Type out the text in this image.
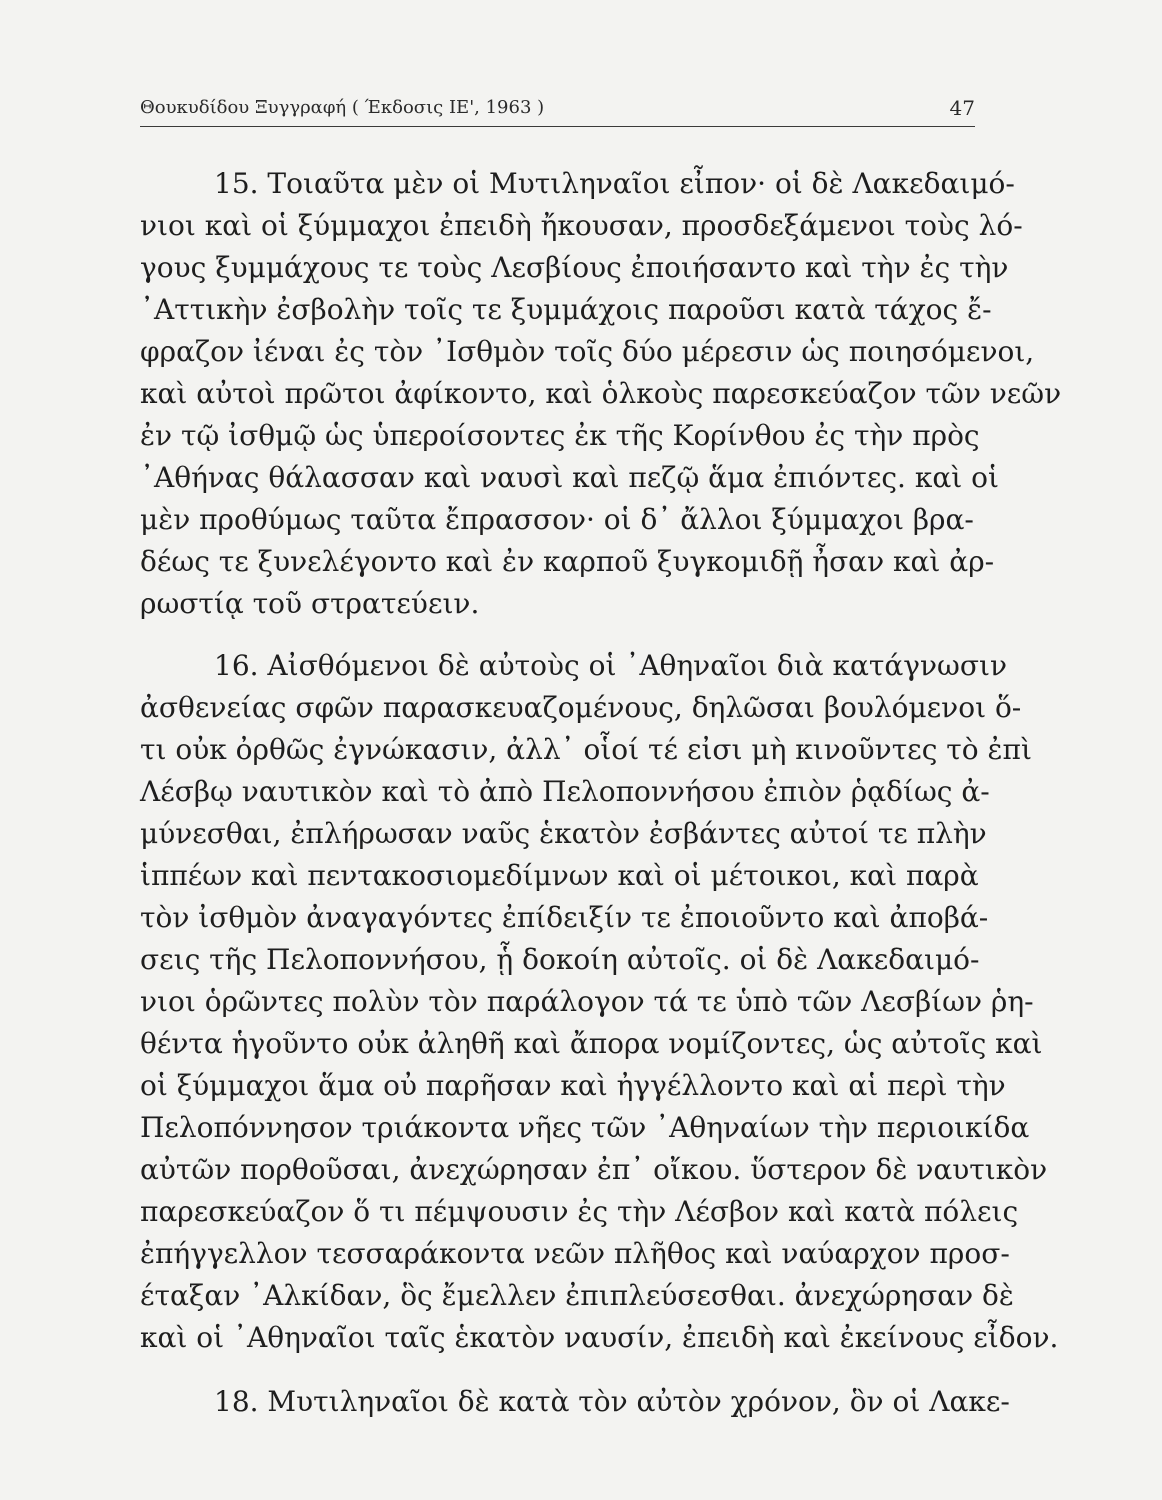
Θουκυδίδου Ξυγγραφή ( Έκδοσις ΙΕ', 1963 )	47
15. Τοιαῦτα μὲν οἱ Μυτιληναῖοι εἶπον· οἱ δὲ Λακεδαιμό-
νιοι καὶ οἱ ξύμμαχοι ἐπειδὴ ἤκουσαν, προσδεξάμενοι τοὺς λό-
γους ξυμμάχους τε τοὺς Λεσβίους ἐποιήσαντο καὶ τὴν ἐς τὴν
᾿Αττικὴν ἐσβολὴν τοῖς τε ξυμμάχοις παροῦσι κατὰ τάχος ἔ-
φραζον ἰέναι ἐς τὸν ᾿Ισθμὸν τοῖς δύο μέρεσιν ὡς ποιησόμενοι,
καὶ αὐτοὶ πρῶτοι ἀφίκοντο, καὶ ὁλκοὺς παρεσκεύαζον τῶν νεῶν
ἐν τῷ ἰσθμῷ ὡς ὑπεροίσοντες ἐκ τῆς Κορίνθου ἐς τὴν πρὸς
᾿Αθήνας θάλασσαν καὶ ναυσὶ καὶ πεζῷ ἅμα ἐπιόντες. καὶ οἱ
μὲν προθύμως ταῦτα ἔπρασσον· οἱ δ᾿ ἄλλοι ξύμμαχοι βρα-
δέως τε ξυνελέγοντο καὶ ἐν καρποῦ ξυγκομιδῇ ἦσαν καὶ ἀρ-
ρωστίᾳ τοῦ στρατεύειν.
16. Αἰσθόμενοι δὲ αὐτοὺς οἱ ᾿Αθηναῖοι διὰ κατάγνωσιν
ἀσθενείας σφῶν παρασκευαζομένους, δηλῶσαι βουλόμενοι ὅ-
τι οὐκ ὀρθῶς ἐγνώκασιν, ἀλλ᾿ οἷοί τέ εἰσι μὴ κινοῦντες τὸ ἐπὶ
Λέσβῳ ναυτικὸν καὶ τὸ ἀπὸ Πελοποννήσου ἐπιὸν ῥᾳδίως ἀ-
μύνεσθαι, ἐπλήρωσαν ναῦς ἑκατὸν ἐσβάντες αὐτοί τε πλὴν
ἱππέων καὶ πεντακοσιομεδίμνων καὶ οἱ μέτοικοι, καὶ παρὰ
τὸν ἰσθμὸν ἀναγαγόντες ἐπίδειξίν τε ἐποιοῦντο καὶ ἀποβά-
σεις τῆς Πελοποννήσου, ᾗ δοκοίη αὐτοῖς. οἱ δὲ Λακεδαιμό-
νιοι ὁρῶντες πολὺν τὸν παράλογον τά τε ὑπὸ τῶν Λεσβίων ῥη-
θέντα ἡγοῦντο οὐκ ἀληθῆ καὶ ἄπορα νομίζοντες, ὡς αὐτοῖς καὶ
οἱ ξύμμαχοι ἅμα οὐ παρῆσαν καὶ ἠγγέλλοντο καὶ αἱ περὶ τὴν
Πελοπόννησον τριάκοντα νῆες τῶν ᾿Αθηναίων τὴν περιοικίδα
αὐτῶν πορθοῦσαι, ἀνεχώρησαν ἐπ᾿ οἴκου. ὕστερον δὲ ναυτικὸν
παρεσκεύαζον ὅ τι πέμψουσιν ἐς τὴν Λέσβον καὶ κατὰ πόλεις
ἐπήγγελλον τεσσαράκοντα νεῶν πλῆθος καὶ ναύαρχον προσ-
έταξαν ᾿Αλκίδαν, ὃς ἔμελλεν ἐπιπλεύσεσθαι. ἀνεχώρησαν δὲ
καὶ οἱ ᾿Αθηναῖοι ταῖς ἑκατὸν ναυσίν, ἐπειδὴ καὶ ἐκείνους εἶδον.
18. Μυτιληναῖοι δὲ κατὰ τὸν αὐτὸν χρόνον, ὃν οἱ Λακε-
